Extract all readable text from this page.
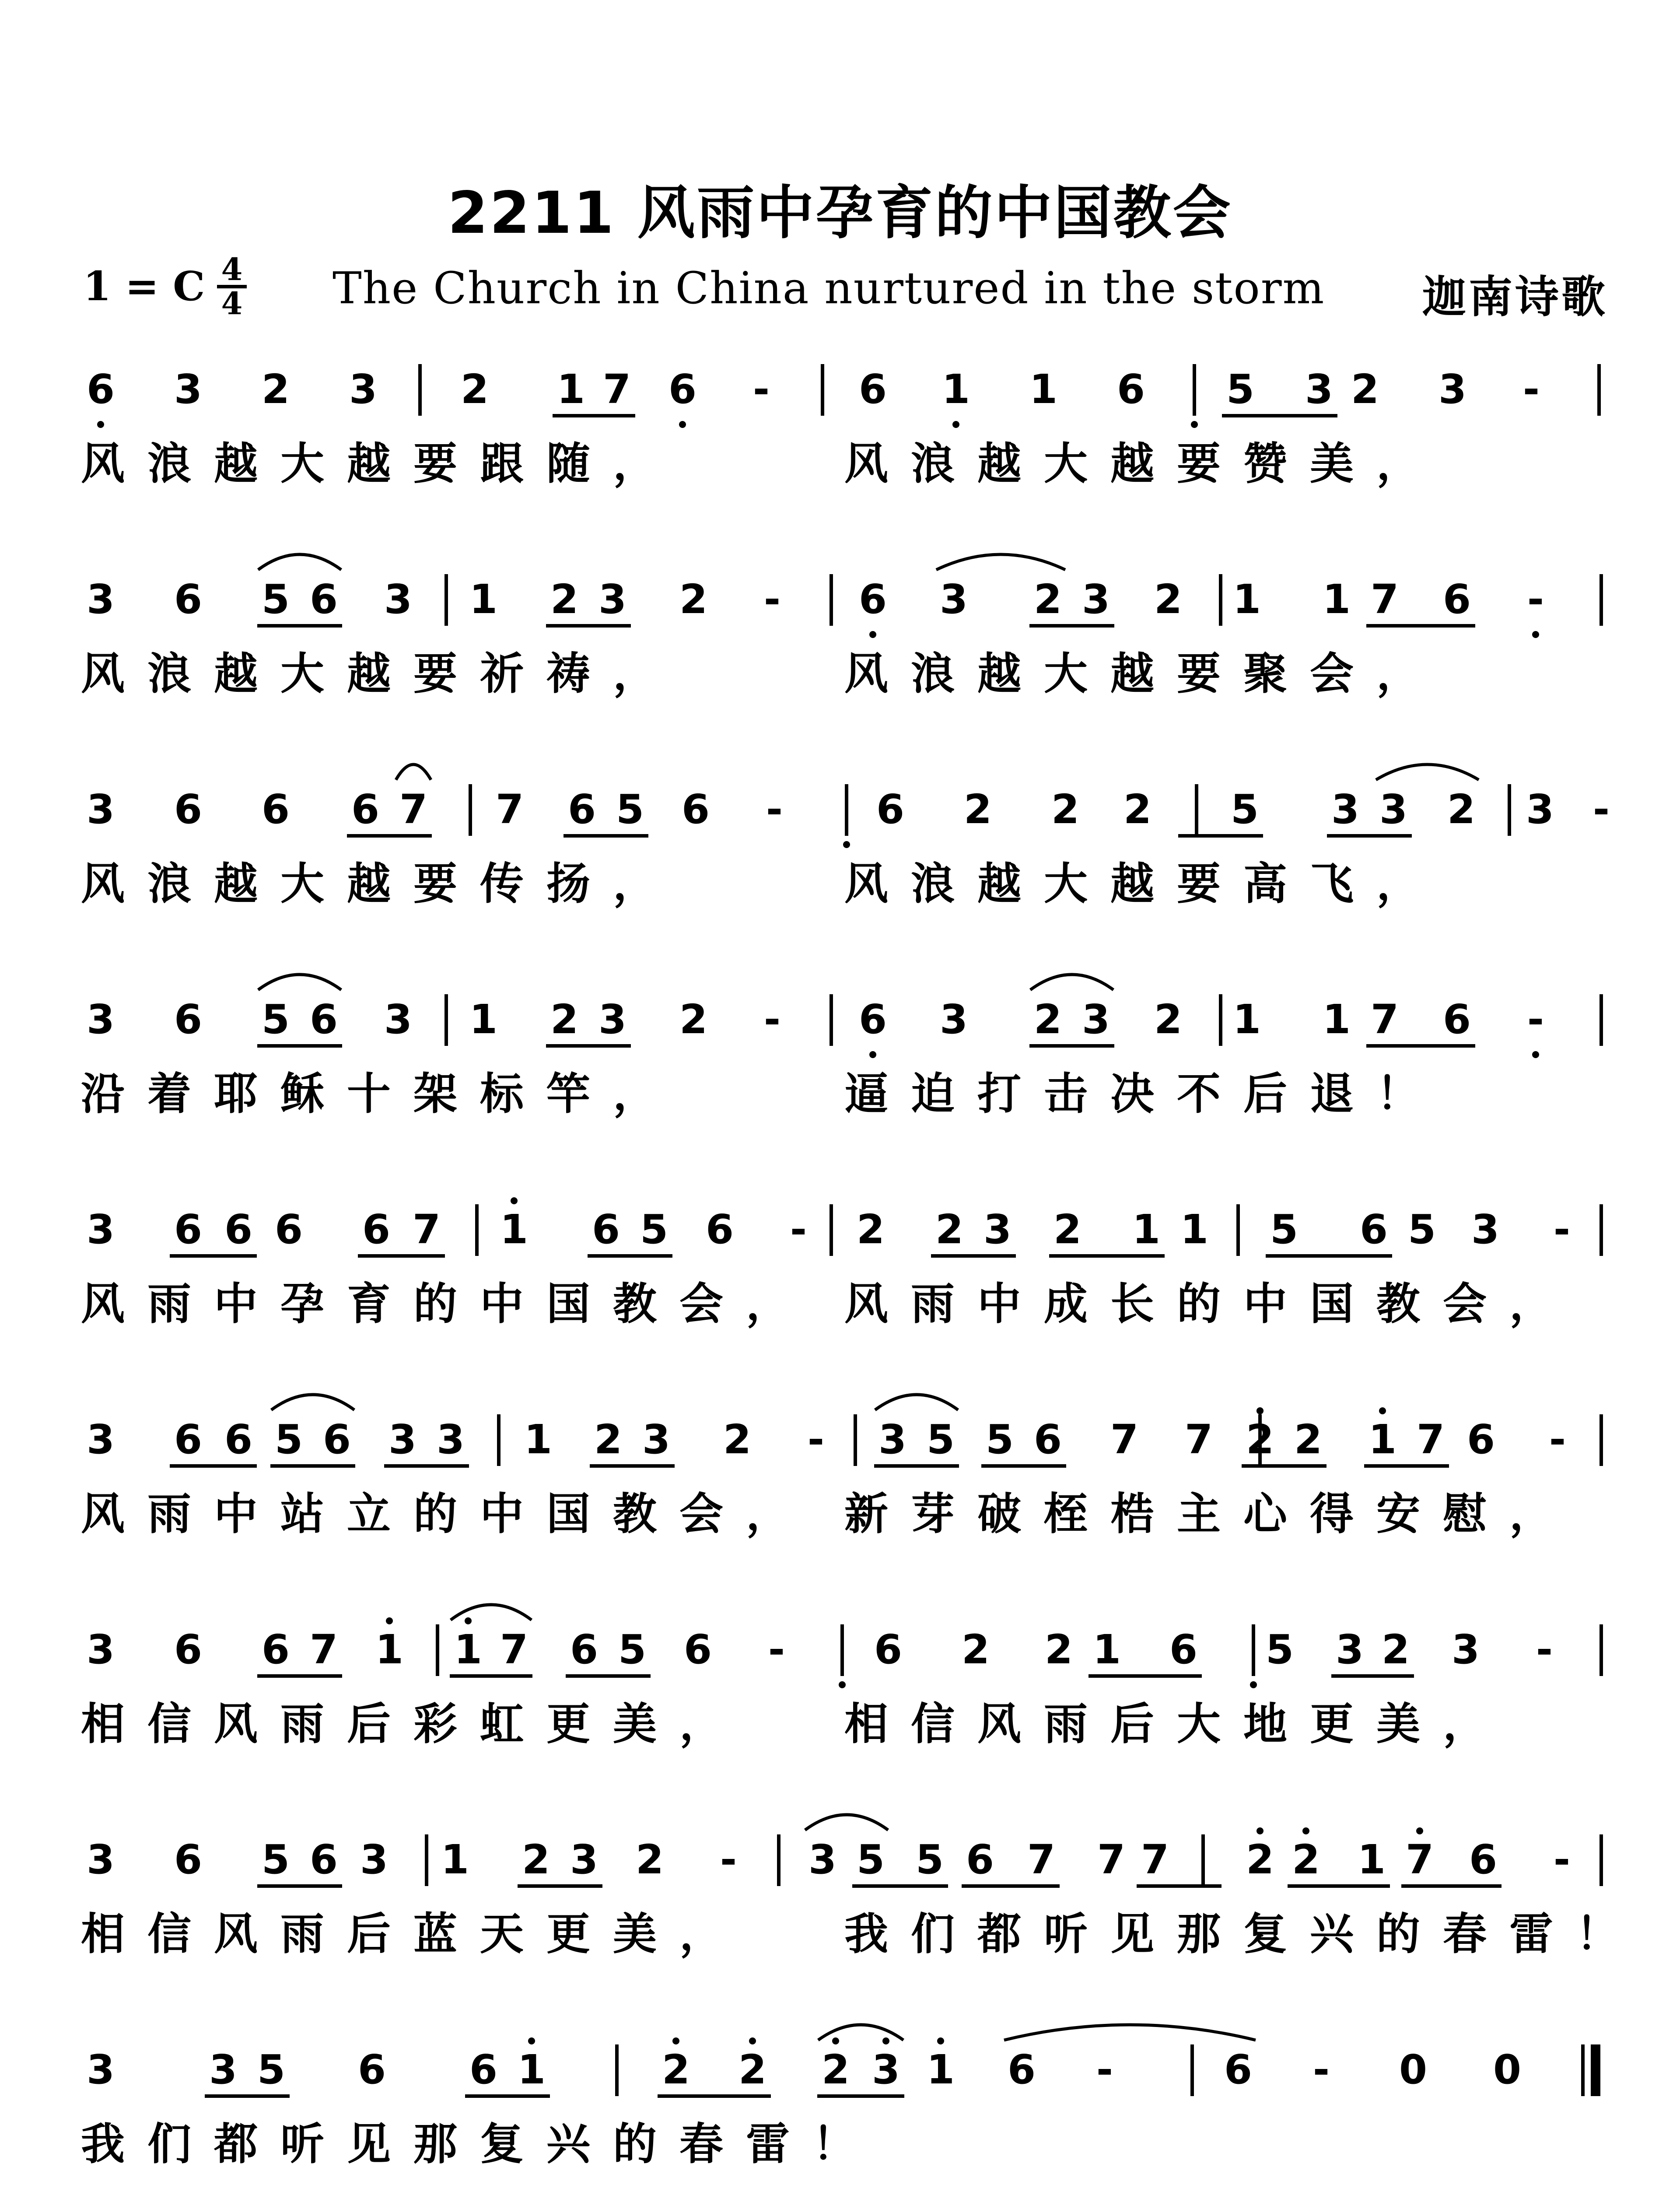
2211 风雨中孕育的中国教会
1 = C 4
4 The Church in China nurtured in the storm 迦南诗歌
6 3 2 3 2 1 7 6 - 6 1 1 6 5 3 2 3 -
风浪越大越要跟随，	风浪越大越要赞美，
3 6 5 6 3 1 2 3 2 - 6 3 2 3 2 1 1 7 6 -
风浪越大越要祈祷，	风浪越大越要聚会，
3 6 6 6 7 7 6 5 6 - 6 2 2 2 5 3 3 2 3 -
风浪越大越要传扬，	风浪越大越要高飞，
3 6 5 6 3 1 2 3 2 - 6 3 2 3 2 1 1 7 6 -
沿着耶稣十架标竿，	逼迫打击决不后退！
3 6 6 6 6 7 1 6 5 6 - 2 2 3 2 1 1 5 6 5 3 -
风雨中孕育的中国教会， 风雨中成长的中国教会，
3 6 6 5 6 3 3 1 2 3 2 - 3 5 5 6 7 7 2 2 1 7 6 -
风雨中站立的中国教会， 新芽破桎梏主心得安慰，
3 6 6 7 1 1 7 6 5 6 - 6 2 2 1 6 5 3 2 3 -
相信风雨后彩虹更美， 相信风雨后大地更美，
3 6 5 6 3 1 2 3 2 - 3 5 5 6 7 7 7 2 2 1 7 6 -
相信风雨后蓝天更美， 我们都听见那复兴的春雷！
3 3 5 6 6 1	2 2 2 3 1 6 -	6 - 0 0
我们都听见那复兴的春雷！
